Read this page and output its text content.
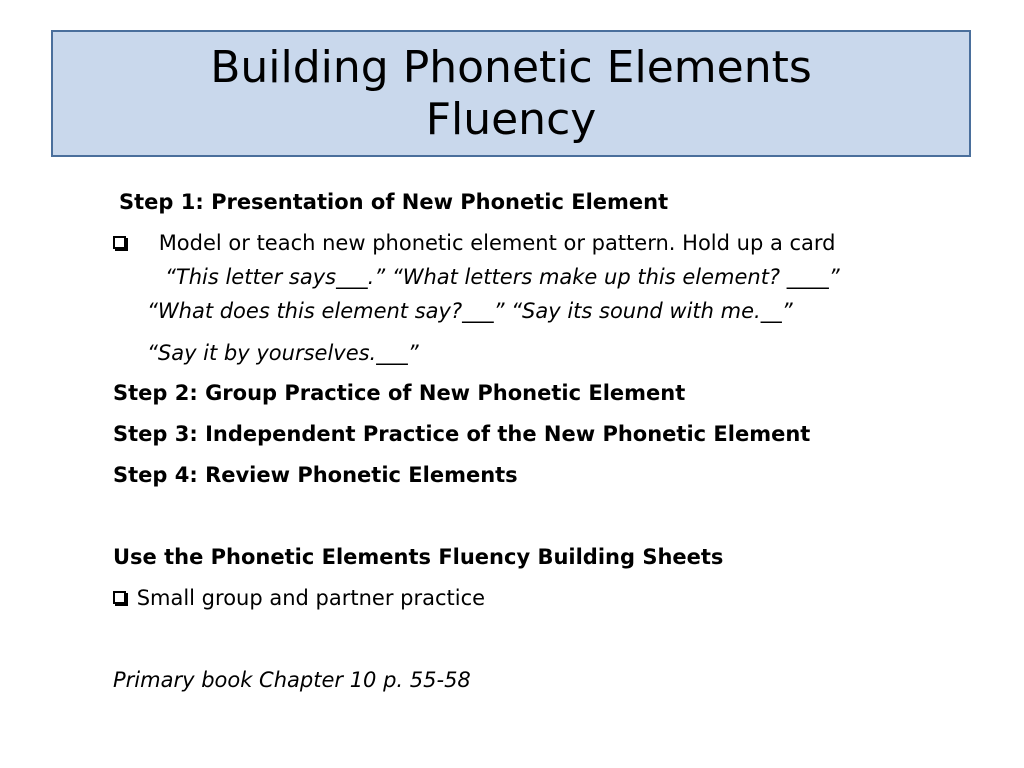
Building Phonetic Elements
Fluency
Step 1: Presentation of New Phonetic Element
Model or teach new phonetic element or pattern. Hold up a card
“This letter says___.” “What letters make up this element? ____”
“What does this element say?___” “Say its sound with me.__”
“Say it by yourselves.___”
Step 2: Group Practice of New Phonetic Element
Step 3: Independent Practice of the New Phonetic Element
Step 4: Review Phonetic Elements
Use the Phonetic Elements Fluency Building Sheets
Small group and partner practice
Primary book Chapter 10 p. 55-58
